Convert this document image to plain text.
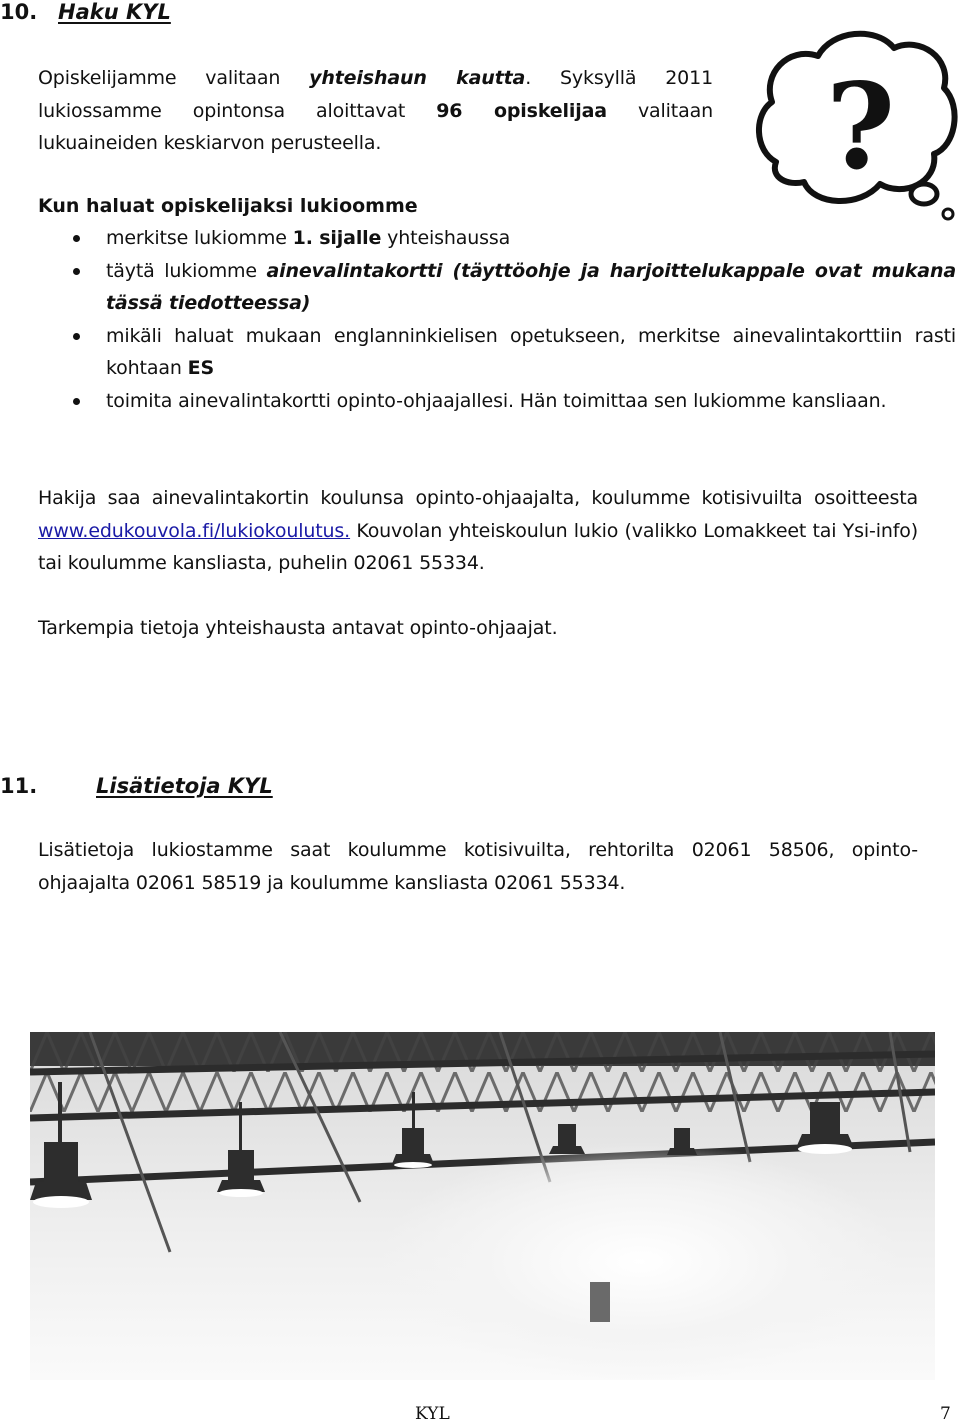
10. Haku KYL
Opiskelijamme valitaan yhteishaun kautta. Syksyllä 2011 lukiossamme opintonsa aloittavat 96 opiskelijaa valitaan lukuaineiden keskiarvon perusteella.	?
Kun haluat opiskelijaksi lukioomme
merkitse lukiomme 1. sijalle yhteishaussa
täytä lukiomme ainevalintakortti (täyttöohje ja harjoittelukappale ovat mukana tässä tiedotteessa)
mikäli haluat mukaan englanninkielisen opetukseen, merkitse ainevalintakorttiin rasti kohtaan ES
toimita ainevalintakortti opinto-ohjaajallesi. Hän toimittaa sen lukiomme kansliaan.
Hakija saa ainevalintakortin koulunsa opinto-ohjaajalta, koulumme kotisivuilta osoitteesta www.edukouvola.fi/lukiokoulutus. Kouvolan yhteiskoulun lukio (valikko Lomakkeet tai Ysi-info) tai koulumme kansliasta, puhelin 02061 55334.
Tarkempia tietoja yhteishausta antavat opinto-ohjaajat.
11.	Lisätietoja KYL
Lisätietoja lukiostamme saat koulumme kotisivuilta, rehtorilta 02061 58506, opinto-ohjaajalta 02061 58519 ja koulumme kansliasta 02061 55334.
KYL	7
